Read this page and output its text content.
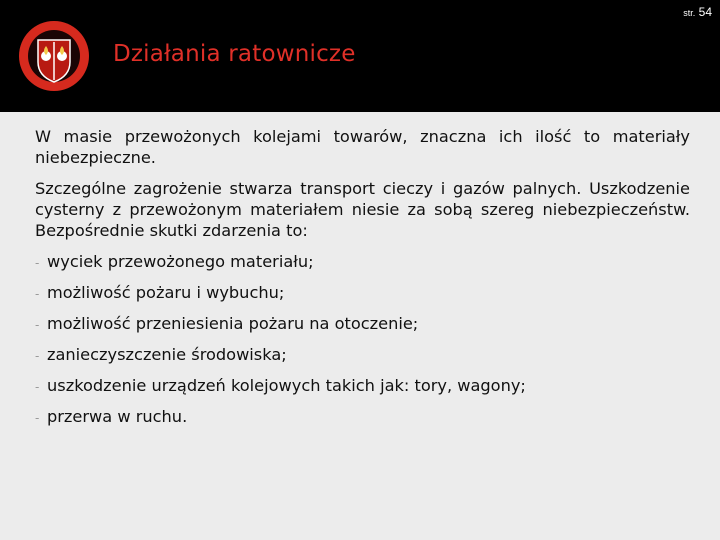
str. 54
Działania ratownicze

W masie przewożonych kolejami towarów, znaczna ich ilość to materiały niebezpieczne.

Szczególne zagrożenie stwarza transport cieczy i gazów palnych. Uszkodzenie cysterny z przewożonym materiałem niesie za sobą szereg niebezpieczeństw. Bezpośrednie skutki zdarzenia to:

- wyciek przewożonego materiału;
- możliwość pożaru i wybuchu;
- możliwość przeniesienia pożaru na otoczenie;
- zanieczyszczenie środowiska;
- uszkodzenie urządzeń kolejowych takich jak: tory, wagony;
- przerwa w ruchu.
